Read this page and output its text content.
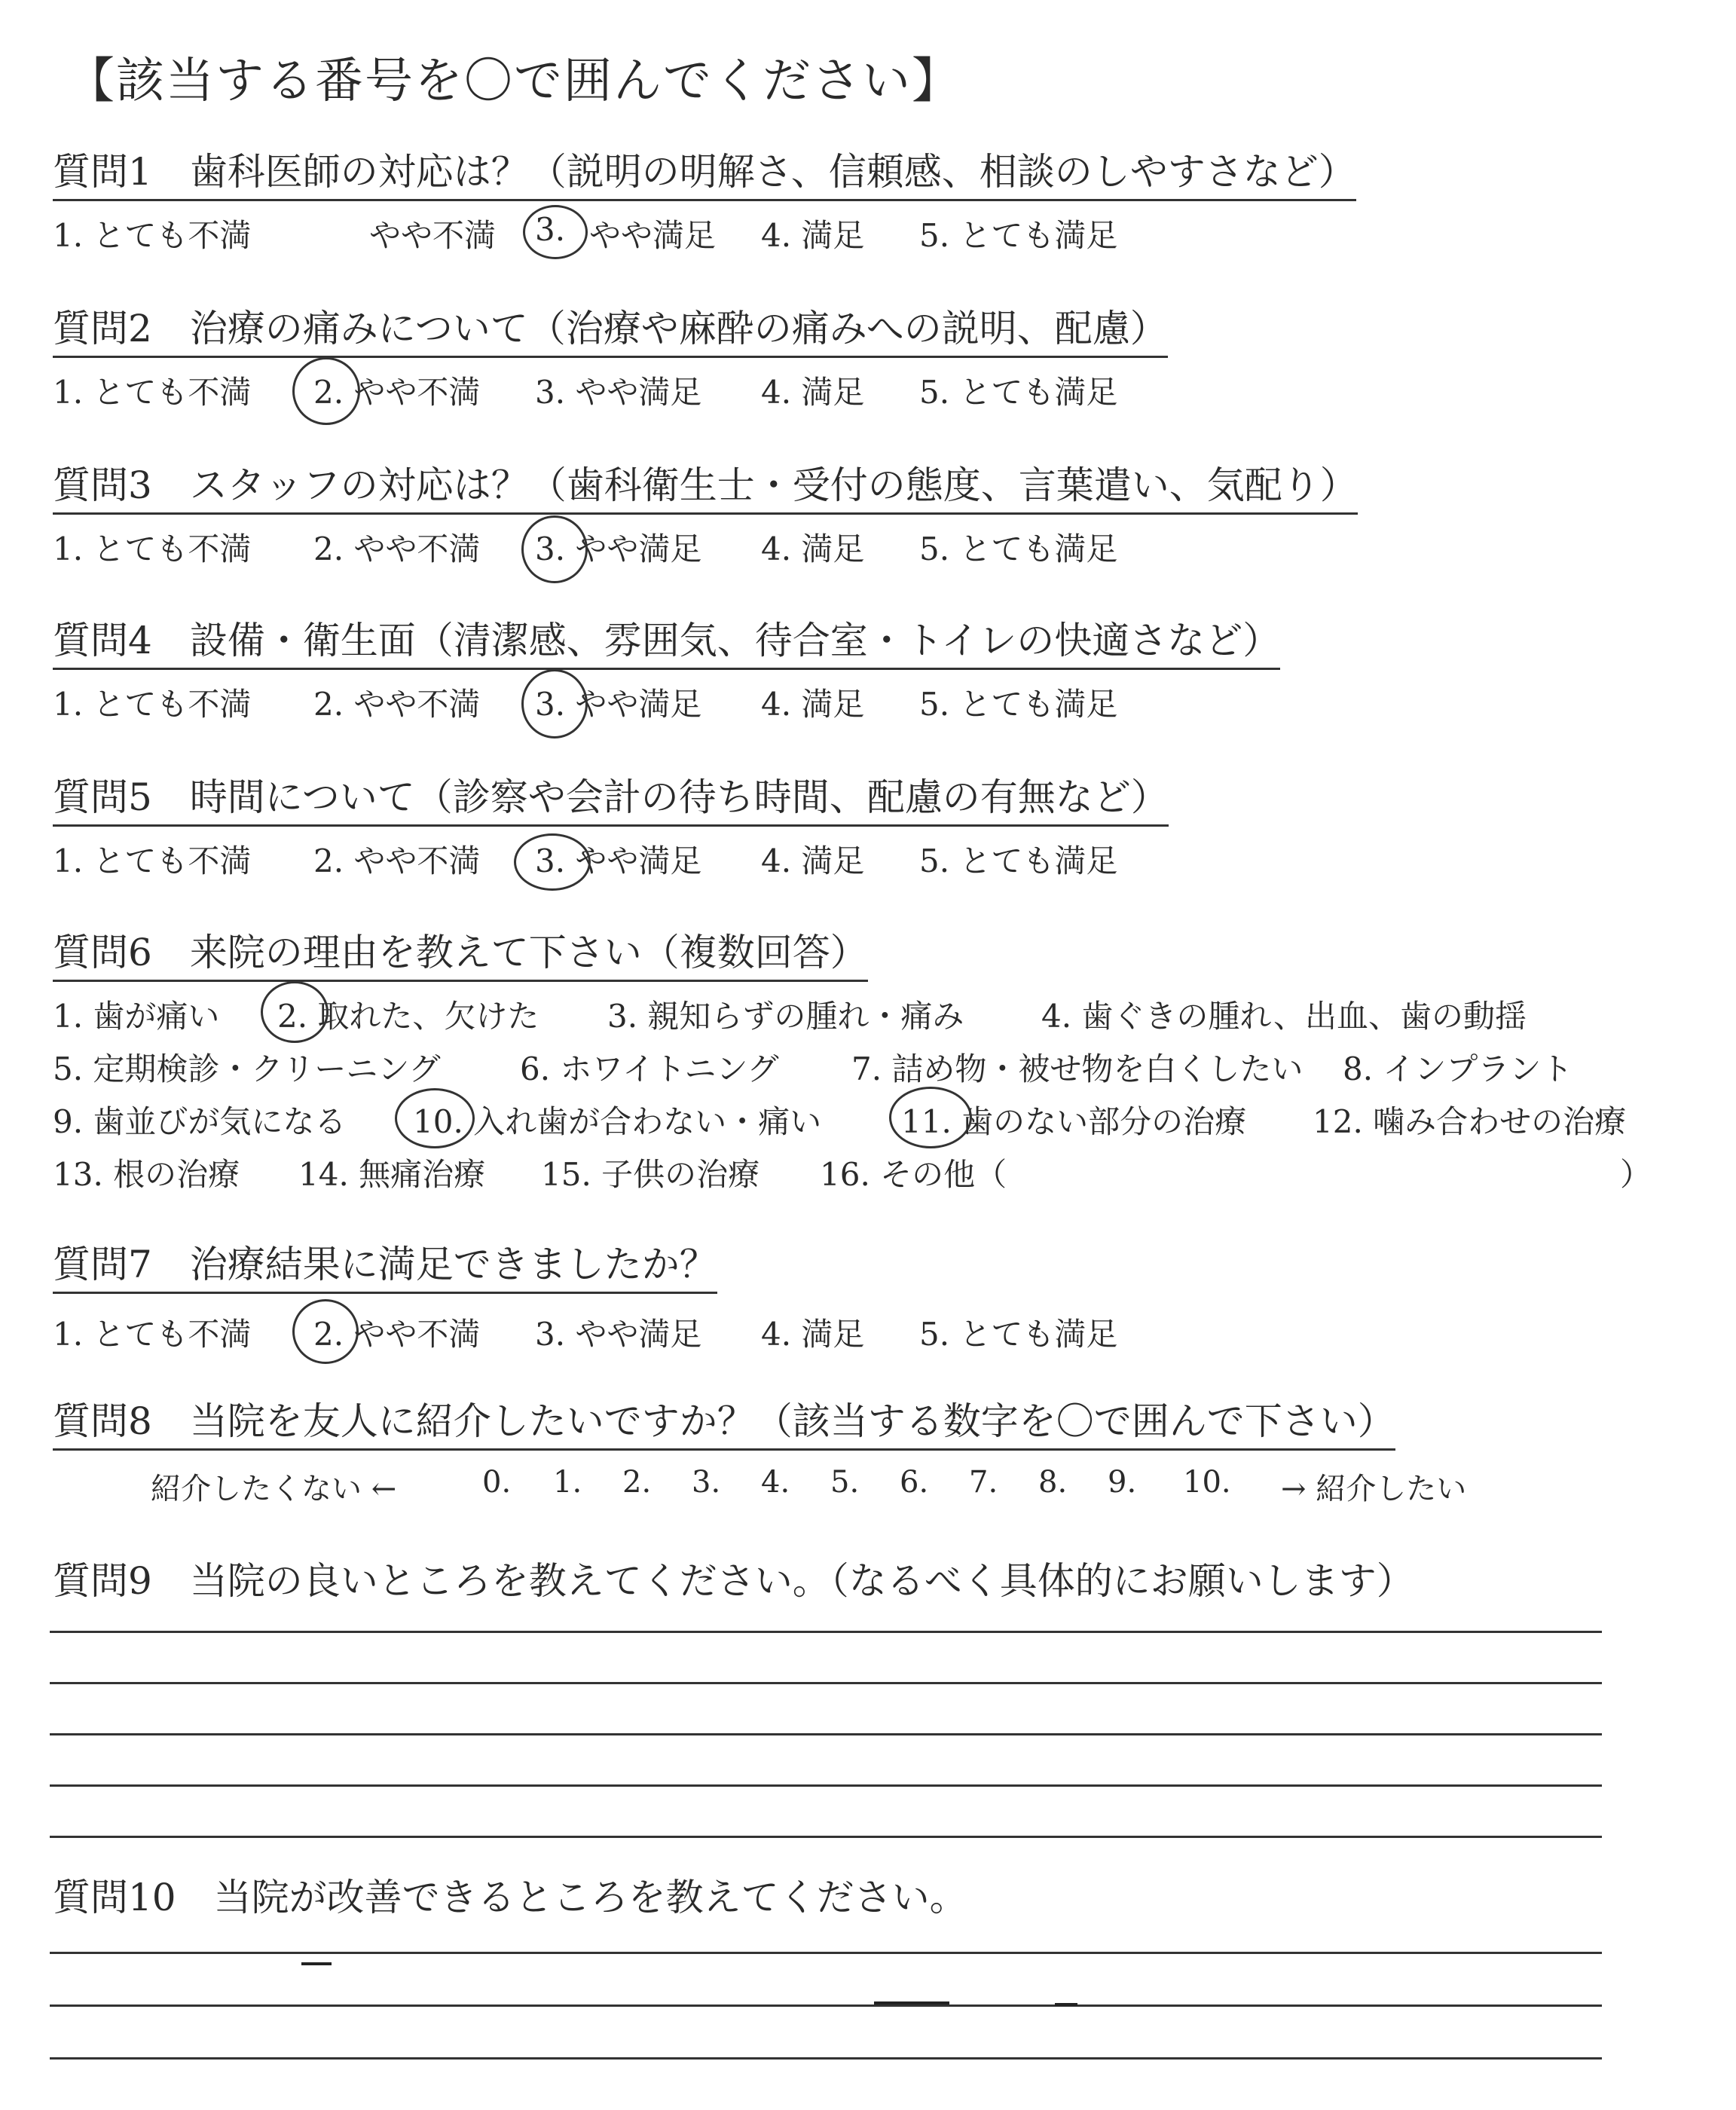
【該当する番号を〇で囲んでください】
質問1 歯科医師の対応は？（説明の明解さ、信頼感、相談のしやすさなど）
1. とても不満	やや不満 3. やや満足 4. 満足 5. とても満足
質問2 治療の痛みについて（治療や麻酔の痛みへの説明、配慮）
1. とても不満 2. やや不満 3. やや満足 4. 満足 5. とても満足
質問3 スタッフの対応は？（歯科衛生士・受付の態度、言葉遣い、気配り）
1. とても不満 2. やや不満 3. やや満足 4. 満足 5. とても満足
質問4 設備・衛生面（清潔感、雰囲気、待合室・トイレの快適さなど）
1. とても不満 2. やや不満 3. やや満足 4. 満足 5. とても満足
質問5 時間について（診察や会計の待ち時間、配慮の有無など）
1. とても不満 2. やや不満 3. やや満足 4. 満足 5. とても満足
質問6 来院の理由を教えて下さい（複数回答）
1. 歯が痛い 2. 取れた、欠けた 3. 親知らずの腫れ・痛み 4. 歯ぐきの腫れ、出血、歯の動揺
5. 定期検診・クリーニング	6. ホワイトニング 7. 詰め物・被せ物を白くしたい 8. インプラント
9. 歯並びが気になる 10. 入れ歯が合わない・痛い	11. 歯のない部分の治療 12. 噛み合わせの治療
13. 根の治療 14. 無痛治療 15. 子供の治療 16. その他（	）
質問7 治療結果に満足できましたか？
1. とても不満 2. やや不満 3. やや満足 4. 満足 5. とても満足
質問8 当院を友人に紹介したいですか？（該当する数字を〇で囲んで下さい）
紹介したくない ←	0. 1. 2. 3. 4. 5. 6. 7. 8. 9. 10. → 紹介したい
質問9 当院の良いところを教えてください。（なるべく具体的にお願いします）
質問10 当院が改善できるところを教えてください。
